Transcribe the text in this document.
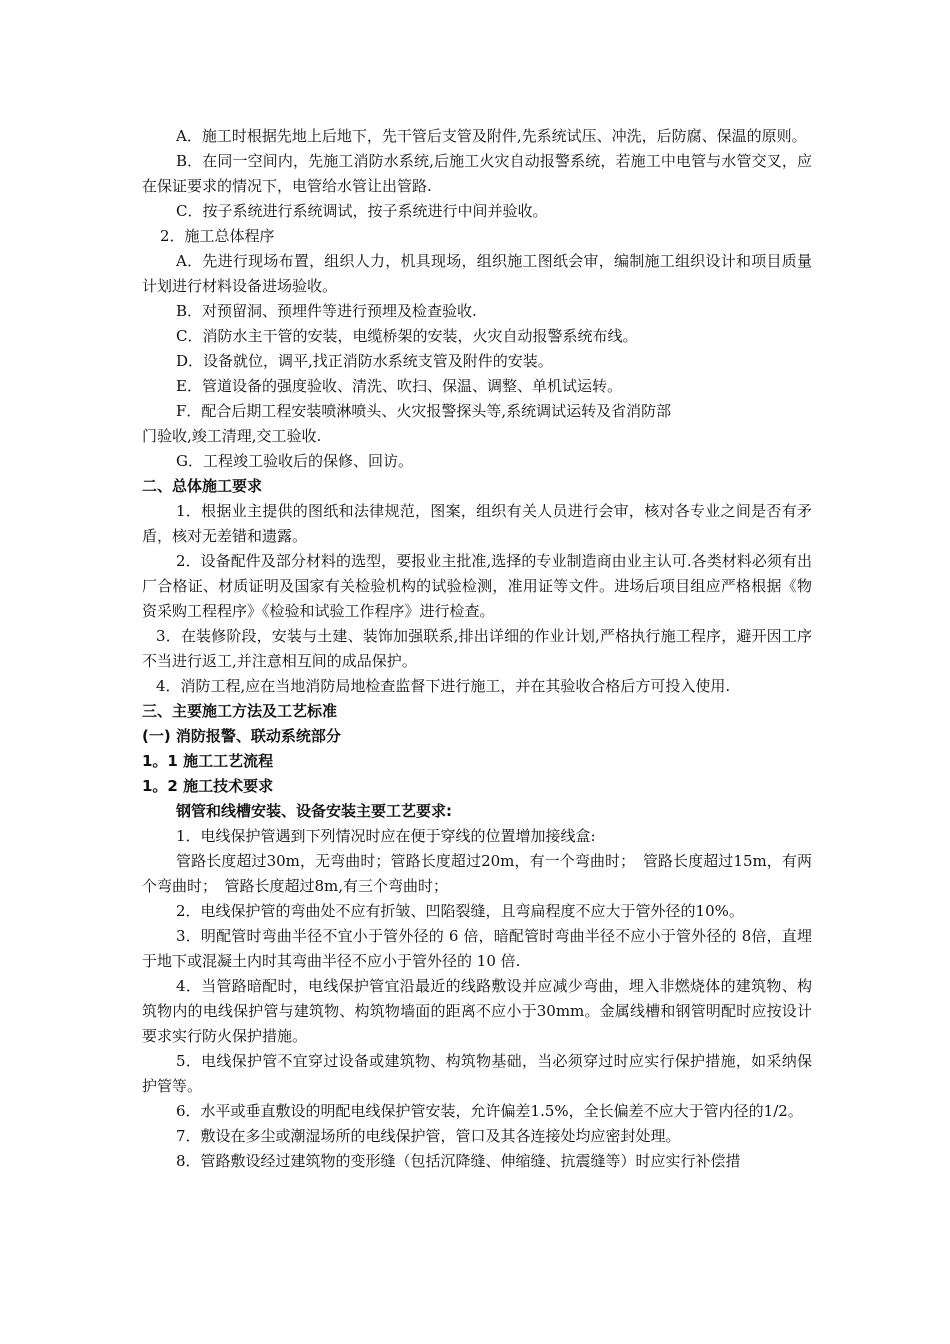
A．施工时根据先地上后地下，先干管后支管及附件,先系统试压、冲洗，后防腐、保温的原则。

B．在同一空间内，先施工消防水系统,后施工火灾自动报警系统，若施工中电管与水管交叉，应在保证要求的情况下，电管给水管让出管路.

C．按子系统进行系统调试，按子系统进行中间并验收。

2．施工总体程序

A．先进行现场布置，组织人力，机具现场，组织施工图纸会审，编制施工组织设计和项目质量计划进行材料设备进场验收。

B．对预留洞、预埋件等进行预埋及检查验收.

C．消防水主干管的安装，电缆桥架的安装，火灾自动报警系统布线。

D．设备就位，调平,找正消防水系统支管及附件的安装。

E．管道设备的强度验收、清洗、吹扫、保温、调整、单机试运转。

F．配合后期工程安装喷淋喷头、火灾报警探头等,系统调试运转及省消防部

门验收,竣工清理,交工验收.

G．工程竣工验收后的保修、回访。

二、总体施工要求

1．根据业主提供的图纸和法律规范，图案，组织有关人员进行会审，核对各专业之间是否有矛盾，核对无差错和遗露。

2．设备配件及部分材料的选型，要报业主批准,选择的专业制造商由业主认可.各类材料必须有出厂合格证、材质证明及国家有关检验机构的试验检测，准用证等文件。进场后项目组应严格根据《物资采购工程程序》《检验和试验工作程序》进行检查。

3．在装修阶段，安装与土建、装饰加强联系,排出详细的作业计划,严格执行施工程序，避开因工序不当进行返工,并注意相互间的成品保护。

4．消防工程,应在当地消防局地检查监督下进行施工，并在其验收合格后方可投入使用.

三、主要施工方法及工艺标准

(一) 消防报警、联动系统部分

1。1 施工工艺流程

1。2 施工技术要求

钢管和线槽安装、设备安装主要工艺要求:

1．电线保护管遇到下列情况时应在便于穿线的位置增加接线盒:

管路长度超过30m，无弯曲时；管路长度超过20m，有一个弯曲时；　管路长度超过15m，有两个弯曲时；　管路长度超过8m,有三个弯曲时；

2．电线保护管的弯曲处不应有折皱、凹陷裂缝，且弯扁程度不应大于管外径的10%。

3．明配管时弯曲半径不宜小于管外径的 6 倍，暗配管时弯曲半径不应小于管外径的 8倍，直埋于地下或混凝土内时其弯曲半径不应小于管外径的 10 倍.

4．当管路暗配时，电线保护管宜沿最近的线路敷设并应减少弯曲，埋入非燃烧体的建筑物、构筑物内的电线保护管与建筑物、构筑物墙面的距离不应小于30mm。金属线槽和钢管明配时应按设计要求实行防火保护措施。

5．电线保护管不宜穿过设备或建筑物、构筑物基础，当必须穿过时应实行保护措施，如采纳保护管等。

6．水平或垂直敷设的明配电线保护管安装，允许偏差1.5%，全长偏差不应大于管内径的1/2。

7．敷设在多尘或潮湿场所的电线保护管，管口及其各连接处均应密封处理。

8．管路敷设经过建筑物的变形缝（包括沉降缝、伸缩缝、抗震缝等）时应实行补偿措
